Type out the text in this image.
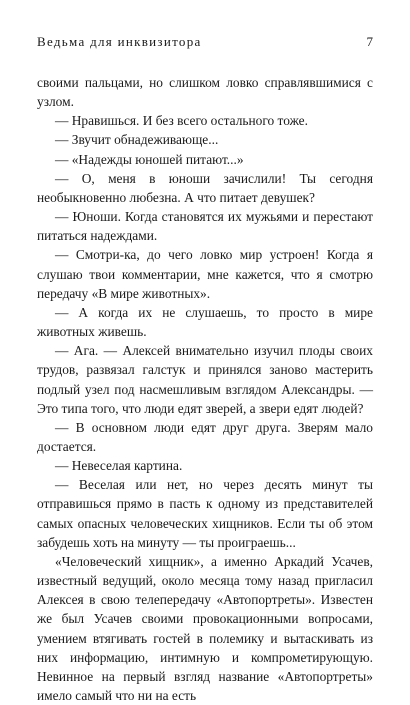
Ведьма для инквизитора	7

своими пальцами, но слишком ловко справлявшимися с узлом.

— Нравишься. И без всего остального тоже.

— Звучит обнадеживающе...

— «Надежды юношей питают...»

— О, меня в юноши зачислили! Ты сегодня необыкновенно любезна. А что питает девушек?

— Юноши. Когда становятся их мужьями и перестают питаться надеждами.

— Смотри-ка, до чего ловко мир устроен! Когда я слушаю твои комментарии, мне кажется, что я смотрю передачу «В мире животных».

— А когда их не слушаешь, то просто в мире животных живешь.

— Ага. — Алексей внимательно изучил плоды своих трудов, развязал галстук и принялся заново мастерить подлый узел под насмешливым взглядом Александры. — Это типа того, что люди едят зверей, а звери едят людей?

— В основном люди едят друг друга. Зверям мало достается.

— Невеселая картина.

— Веселая или нет, но через десять минут ты отправишься прямо в пасть к одному из представителей самых опасных человеческих хищников. Если ты об этом забудешь хоть на минуту — ты проиграешь...

«Человеческий хищник», а именно Аркадий Усачев, известный ведущий, около месяца тому назад пригласил Алексея в свою телепередачу «Автопортреты». Известен же был Усачев своими провокационными вопросами, умением втягивать гостей в полемику и вытаскивать из них информацию, интимную и компрометирующую. Невинное на первый взгляд название «Автопортреты» имело самый что ни на есть
